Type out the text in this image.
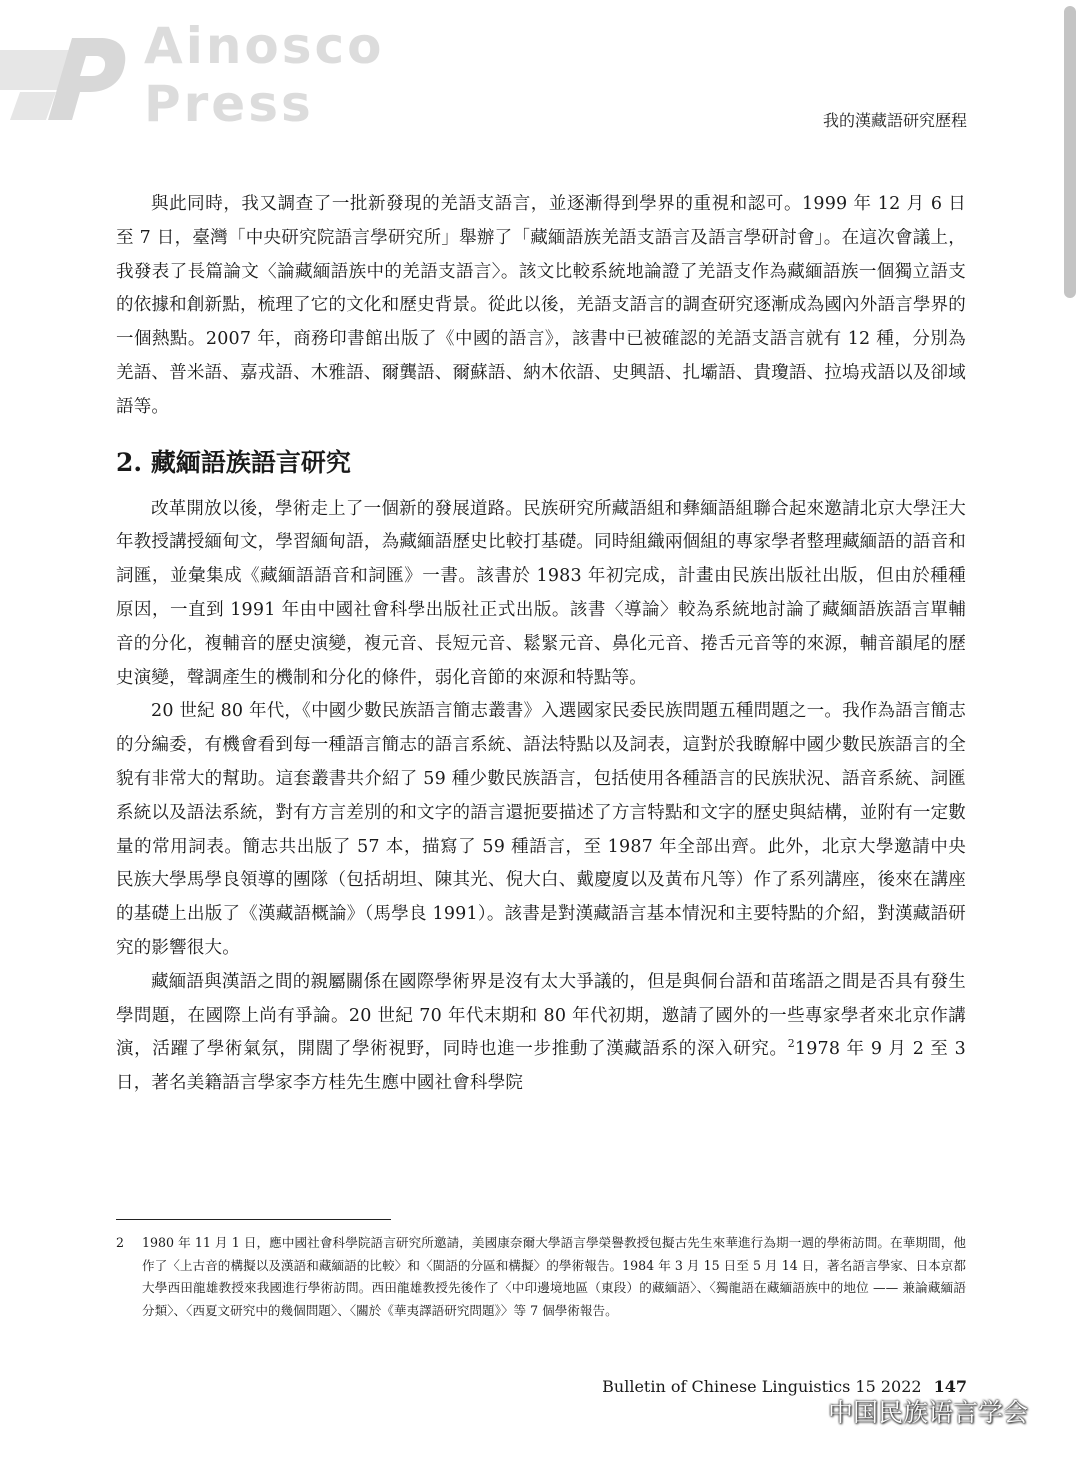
Ainosco Press	我的漢藏語研究歷程

與此同時，我又調查了一批新發現的羌語支語言，並逐漸得到學界的重視和認可。1999 年 12 月 6 日至 7 日，臺灣「中央研究院語言學研究所」舉辦了「藏緬語族羌語支語言及語言學研討會」。在這次會議上，我發表了長篇論文〈論藏緬語族中的羌語支語言〉。該文比較系統地論證了羌語支作為藏緬語族一個獨立語支的依據和創新點，梳理了它的文化和歷史背景。從此以後，羌語支語言的調查研究逐漸成為國內外語言學界的一個熱點。2007 年，商務印書館出版了《中國的語言》，該書中已被確認的羌語支語言就有 12 種，分別為羌語、普米語、嘉戎語、木雅語、爾龔語、爾蘇語、納木依語、史興語、扎壩語、貴瓊語、拉塢戎語以及卻域語等。

2. 藏緬語族語言研究

改革開放以後，學術走上了一個新的發展道路。民族研究所藏語組和彝緬語組聯合起來邀請北京大學汪大年教授講授緬甸文，學習緬甸語，為藏緬語歷史比較打基礎。同時組織兩個組的專家學者整理藏緬語的語音和詞匯，並彙集成《藏緬語語音和詞匯》一書。該書於 1983 年初完成，計畫由民族出版社出版，但由於種種原因，一直到 1991 年由中國社會科學出版社正式出版。該書〈導論〉較為系統地討論了藏緬語族語言單輔音的分化，複輔音的歷史演變，複元音、長短元音、鬆緊元音、鼻化元音、捲舌元音等的來源，輔音韻尾的歷史演變，聲調產生的機制和分化的條件，弱化音節的來源和特點等。

20 世紀 80 年代，《中國少數民族語言簡志叢書》入選國家民委民族問題五種問題之一。我作為語言簡志的分編委，有機會看到每一種語言簡志的語言系統、語法特點以及詞表，這對於我瞭解中國少數民族語言的全貌有非常大的幫助。這套叢書共介紹了 59 種少數民族語言，包括使用各種語言的民族狀況、語音系統、詞匯系統以及語法系統，對有方言差別的和文字的語言還扼要描述了方言特點和文字的歷史與結構，並附有一定數量的常用詞表。簡志共出版了 57 本，描寫了 59 種語言，至 1987 年全部出齊。此外，北京大學邀請中央民族大學馬學良領導的團隊（包括胡坦、陳其光、倪大白、戴慶廈以及黃布凡等）作了系列講座，後來在講座的基礎上出版了《漢藏語概論》（馬學良 1991）。該書是對漢藏語言基本情況和主要特點的介紹，對漢藏語研究的影響很大。

藏緬語與漢語之間的親屬關係在國際學術界是沒有太大爭議的，但是與侗台語和苗瑤語之間是否具有發生學問題，在國際上尚有爭論。20 世紀 70 年代末期和 80 年代初期，邀請了國外的一些專家學者來北京作講演，活躍了學術氣氛，開闊了學術視野，同時也進一步推動了漢藏語系的深入研究。$^2$1978 年 9 月 2 至 3 日，著名美籍語言學家李方桂先生應中國社會科學院

2	1980 年 11 月 1 日，應中國社會科學院語言研究所邀請，美國康奈爾大學語言學榮譽教授包擬古先生來華進行為期一週的學術訪問。在華期間，他作了〈上古音的構擬以及漢語和藏緬語的比較〉和〈閩語的分區和構擬〉的學術報告。1984 年 3 月 15 日至 5 月 14 日，著名語言學家、日本京都大學西田龍雄教授來我國進行學術訪問。西田龍雄教授先後作了〈中印邊境地區（東段）的藏緬語〉、〈獨龍語在藏緬語族中的地位 —— 兼論藏緬語分類〉、〈西夏文研究中的幾個問題〉、〈關於《華夷譯語研究問題》〉等 7 個學術報告。
Bulletin of Chinese Linguistics 15 2022 147
中国民族语言学会
